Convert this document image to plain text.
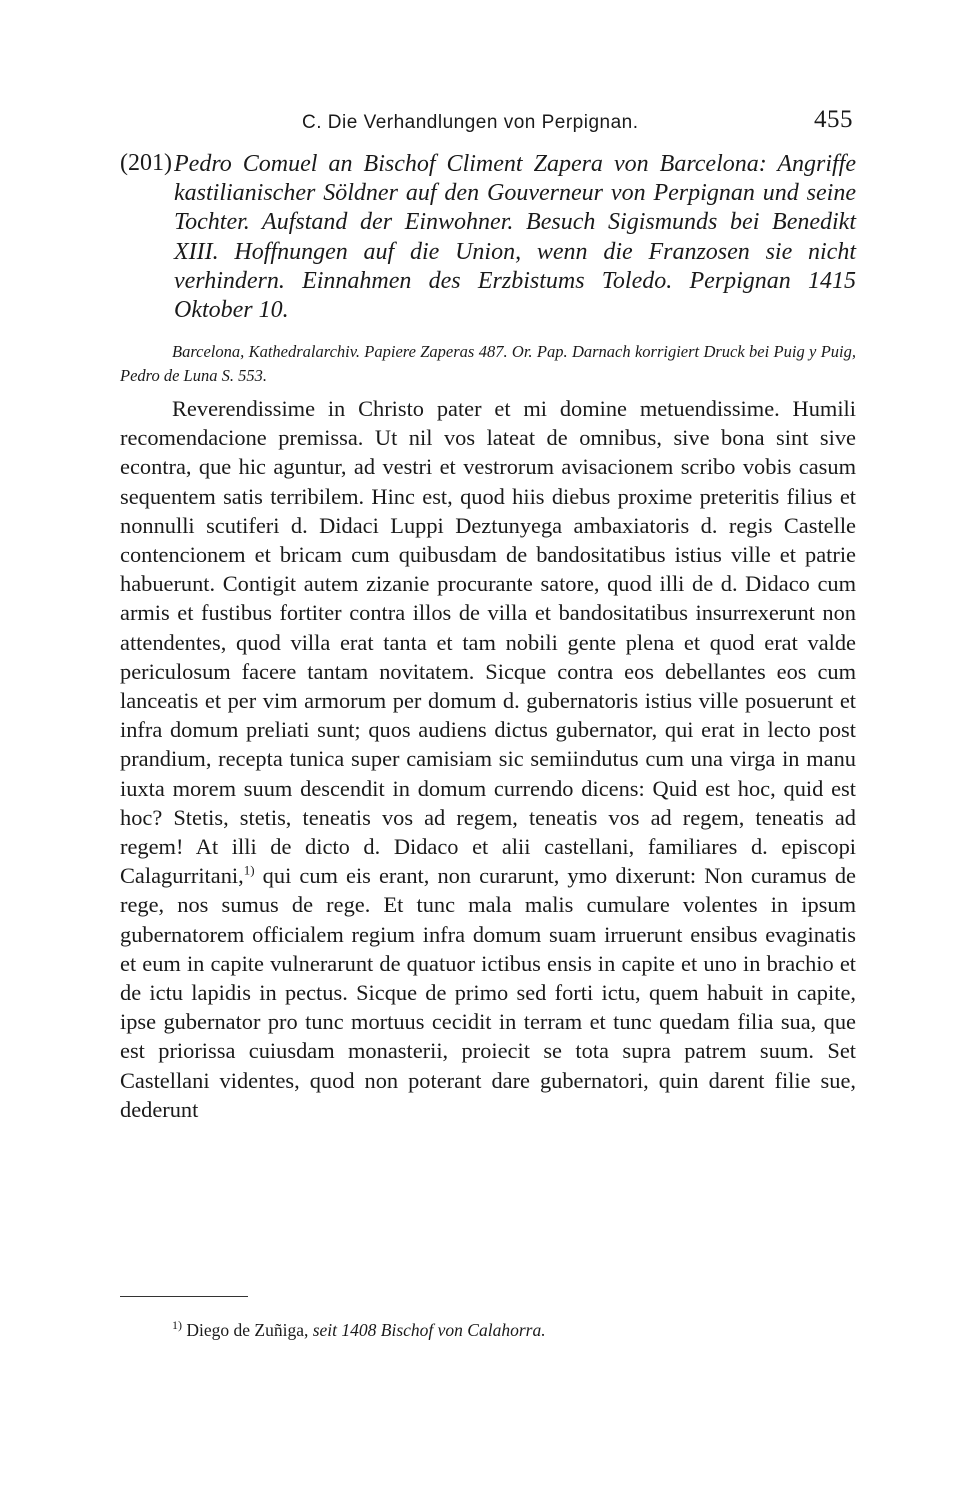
C. Die Verhandlungen von Perpignan.	455
(201) Pedro Comuel an Bischof Climent Zapera von Barcelona: Angriffe kastilianischer Söldner auf den Gouverneur von Perpignan und seine Tochter. Aufstand der Einwohner. Besuch Sigismunds bei Benedikt XIII. Hoffnungen auf die Union, wenn die Franzosen sie nicht verhindern. Einnahmen des Erzbistums Toledo. Perpignan 1415 Oktober 10.
Barcelona, Kathedralarchiv. Papiere Zaperas 487. Or. Pap. Darnach korrigiert Druck bei Puig y Puig, Pedro de Luna S. 553.

Reverendissime in Christo pater et mi domine metuendissime. Humili recomendacione premissa. Ut nil vos lateat de omnibus, sive bona sint sive econtra, que hic aguntur, ad vestri et vestrorum avisacionem scribo vobis casum sequentem satis terribilem. Hinc est, quod hiis diebus proxime preteritis filius et nonnulli scutiferi d. Didaci Luppi Deztunyega ambaxiatoris d. regis Castelle contencionem et bricam cum quibusdam de bandositatibus istius ville et patrie habuerunt. Contigit autem zizanie procurante satore, quod illi de d. Didaco cum armis et fustibus fortiter contra illos de villa et bandositatibus insurrexerunt non attendentes, quod villa erat tanta et tam nobili gente plena et quod erat valde periculosum facere tantam novitatem. Sicque contra eos debellantes eos cum lanceatis et per vim armorum per domum d. gubernatoris istius ville posuerunt et infra domum preliati sunt; quos audiens dictus gubernator, qui erat in lecto post prandium, recepta tunica super camisiam sic semiindutus cum una virga in manu iuxta morem suum descendit in domum currendo dicens: Quid est hoc, quid est hoc? Stetis, stetis, teneatis vos ad regem, teneatis vos ad regem, teneatis ad regem! At illi de dicto d. Didaco et alii castellani, familiares d. episcopi Calagurritani,$^{1)}$ qui cum eis erant, non curarunt, ymo dixerunt: Non curamus de rege, nos sumus de rege. Et tunc mala malis cumulare volentes in ipsum gubernatorem officialem regium infra domum suam irruerunt ensibus evaginatis et eum in capite vulnerarunt de quatuor ictibus ensis in capite et uno in brachio et de ictu lapidis in pectus. Sicque de primo sed forti ictu, quem habuit in capite, ipse gubernator pro tunc mortuus cecidit in terram et tunc quedam filia sua, que est priorissa cuiusdam monasterii, proiecit se tota supra patrem suum. Set Castellani videntes, quod non poterant dare gubernatori, quin darent filie sue, dederunt

$^{1)}$ Diego de Zuñiga, seit 1408 Bischof von Calahorra.
